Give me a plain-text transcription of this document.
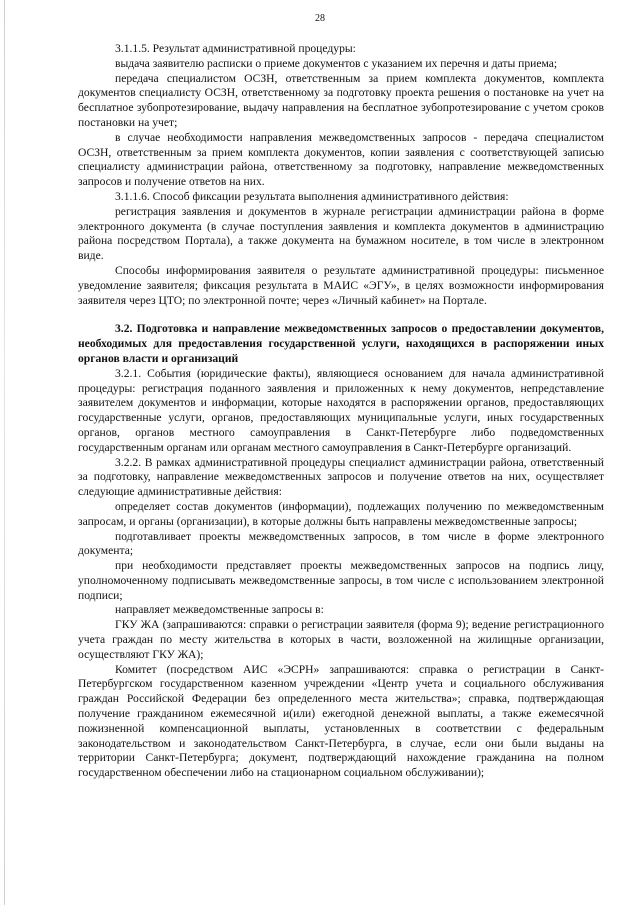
28

3.1.1.5. Результат административной процедуры:

выдача заявителю расписки о приеме документов с указанием их перечня и даты приема;

передача специалистом ОСЗН, ответственным за прием комплекта документов, комплекта документов специалисту ОСЗН, ответственному за подготовку проекта решения о постановке на учет на бесплатное зубопротезирование, выдачу направления на бесплатное зубопротезирование с учетом сроков постановки на учет;

в случае необходимости направления межведомственных запросов - передача специалистом ОСЗН, ответственным за прием комплекта документов, копии заявления с соответствующей записью специалисту администрации района, ответственному за подготовку, направление межведомственных запросов и получение ответов на них.

3.1.1.6. Способ фиксации результата выполнения административного действия:

регистрация заявления и документов в журнале регистрации администрации района в форме электронного документа (в случае поступления заявления и комплекта документов в администрацию района посредством Портала), а также документа на бумажном носителе, в том числе в электронном виде.

Способы информирования заявителя о результате административной процедуры: письменное уведомление заявителя; фиксация результата в МАИС «ЭГУ», в целях возможности информирования заявителя через ЦТО; по электронной почте; через «Личный кабинет» на Портале.

3.2. Подготовка и направление межведомственных запросов о предоставлении документов, необходимых для предоставления государственной услуги, находящихся в распоряжении иных органов власти и организаций

3.2.1. События (юридические факты), являющиеся основанием для начала административной процедуры: регистрация поданного заявления и приложенных к нему документов, непредставление заявителем документов и информации, которые находятся в распоряжении органов, предоставляющих государственные услуги, органов, предоставляющих муниципальные услуги, иных государственных органов, органов местного самоуправления в Санкт-Петербурге либо подведомственных государственным органам или органам местного самоуправления в Санкт-Петербурге организаций.

3.2.2. В рамках административной процедуры специалист администрации района, ответственный за подготовку, направление межведомственных запросов и получение ответов на них, осуществляет следующие административные действия:

определяет состав документов (информации), подлежащих получению по межведомственным запросам, и органы (организации), в которые должны быть направлены межведомственные запросы;

подготавливает проекты межведомственных запросов, в том числе в форме электронного документа;

при необходимости представляет проекты межведомственных запросов на подпись лицу, уполномоченному подписывать межведомственные запросы, в том числе с использованием электронной подписи;

направляет межведомственные запросы в:

ГКУ ЖА (запрашиваются: справки о регистрации заявителя (форма 9); ведение регистрационного учета граждан по месту жительства в которых в части, возложенной на жилищные организации, осуществляют ГКУ ЖА);

Комитет (посредством АИС «ЭСРН» запрашиваются: справка о регистрации в Санкт-Петербургском государственном казенном учреждении «Центр учета и социального обслуживания граждан Российской Федерации без определенного места жительства»; справка, подтверждающая получение гражданином ежемесячной и(или) ежегодной денежной выплаты, а также ежемесячной пожизненной компенсационной выплаты, установленных в соответствии с федеральным законодательством и законодательством Санкт-Петербурга, в случае, если они были выданы на территории Санкт-Петербурга; документ, подтверждающий нахождение гражданина на полном государственном обеспечении либо на стационарном социальном обслуживании);
